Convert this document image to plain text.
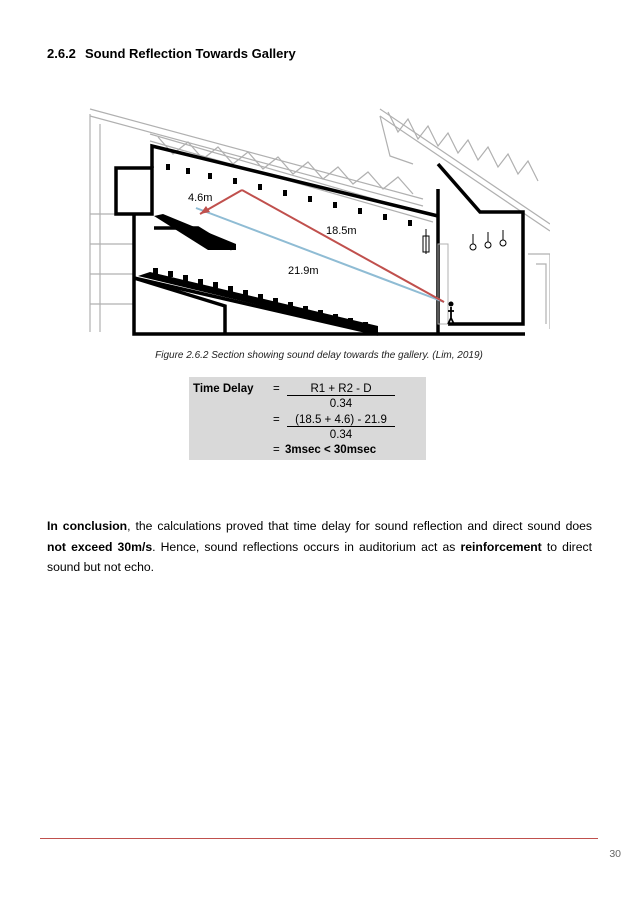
2.6.2 Sound Reflection Towards Gallery
4.6m
18.5m
21.9m
Figure 2.6.2 Section showing sound delay towards the gallery. (Lim, 2019)
Time Delay =	R1 + R2 - D
0.34
=	(18.5 + 4.6) - 21.9
0.34
= 3msec < 30msec
In conclusion, the calculations proved that time delay for sound reflection and direct sound does not exceed 30m/s. Hence, sound reflections occurs in auditorium act as reinforcement to direct sound but not echo.
30
